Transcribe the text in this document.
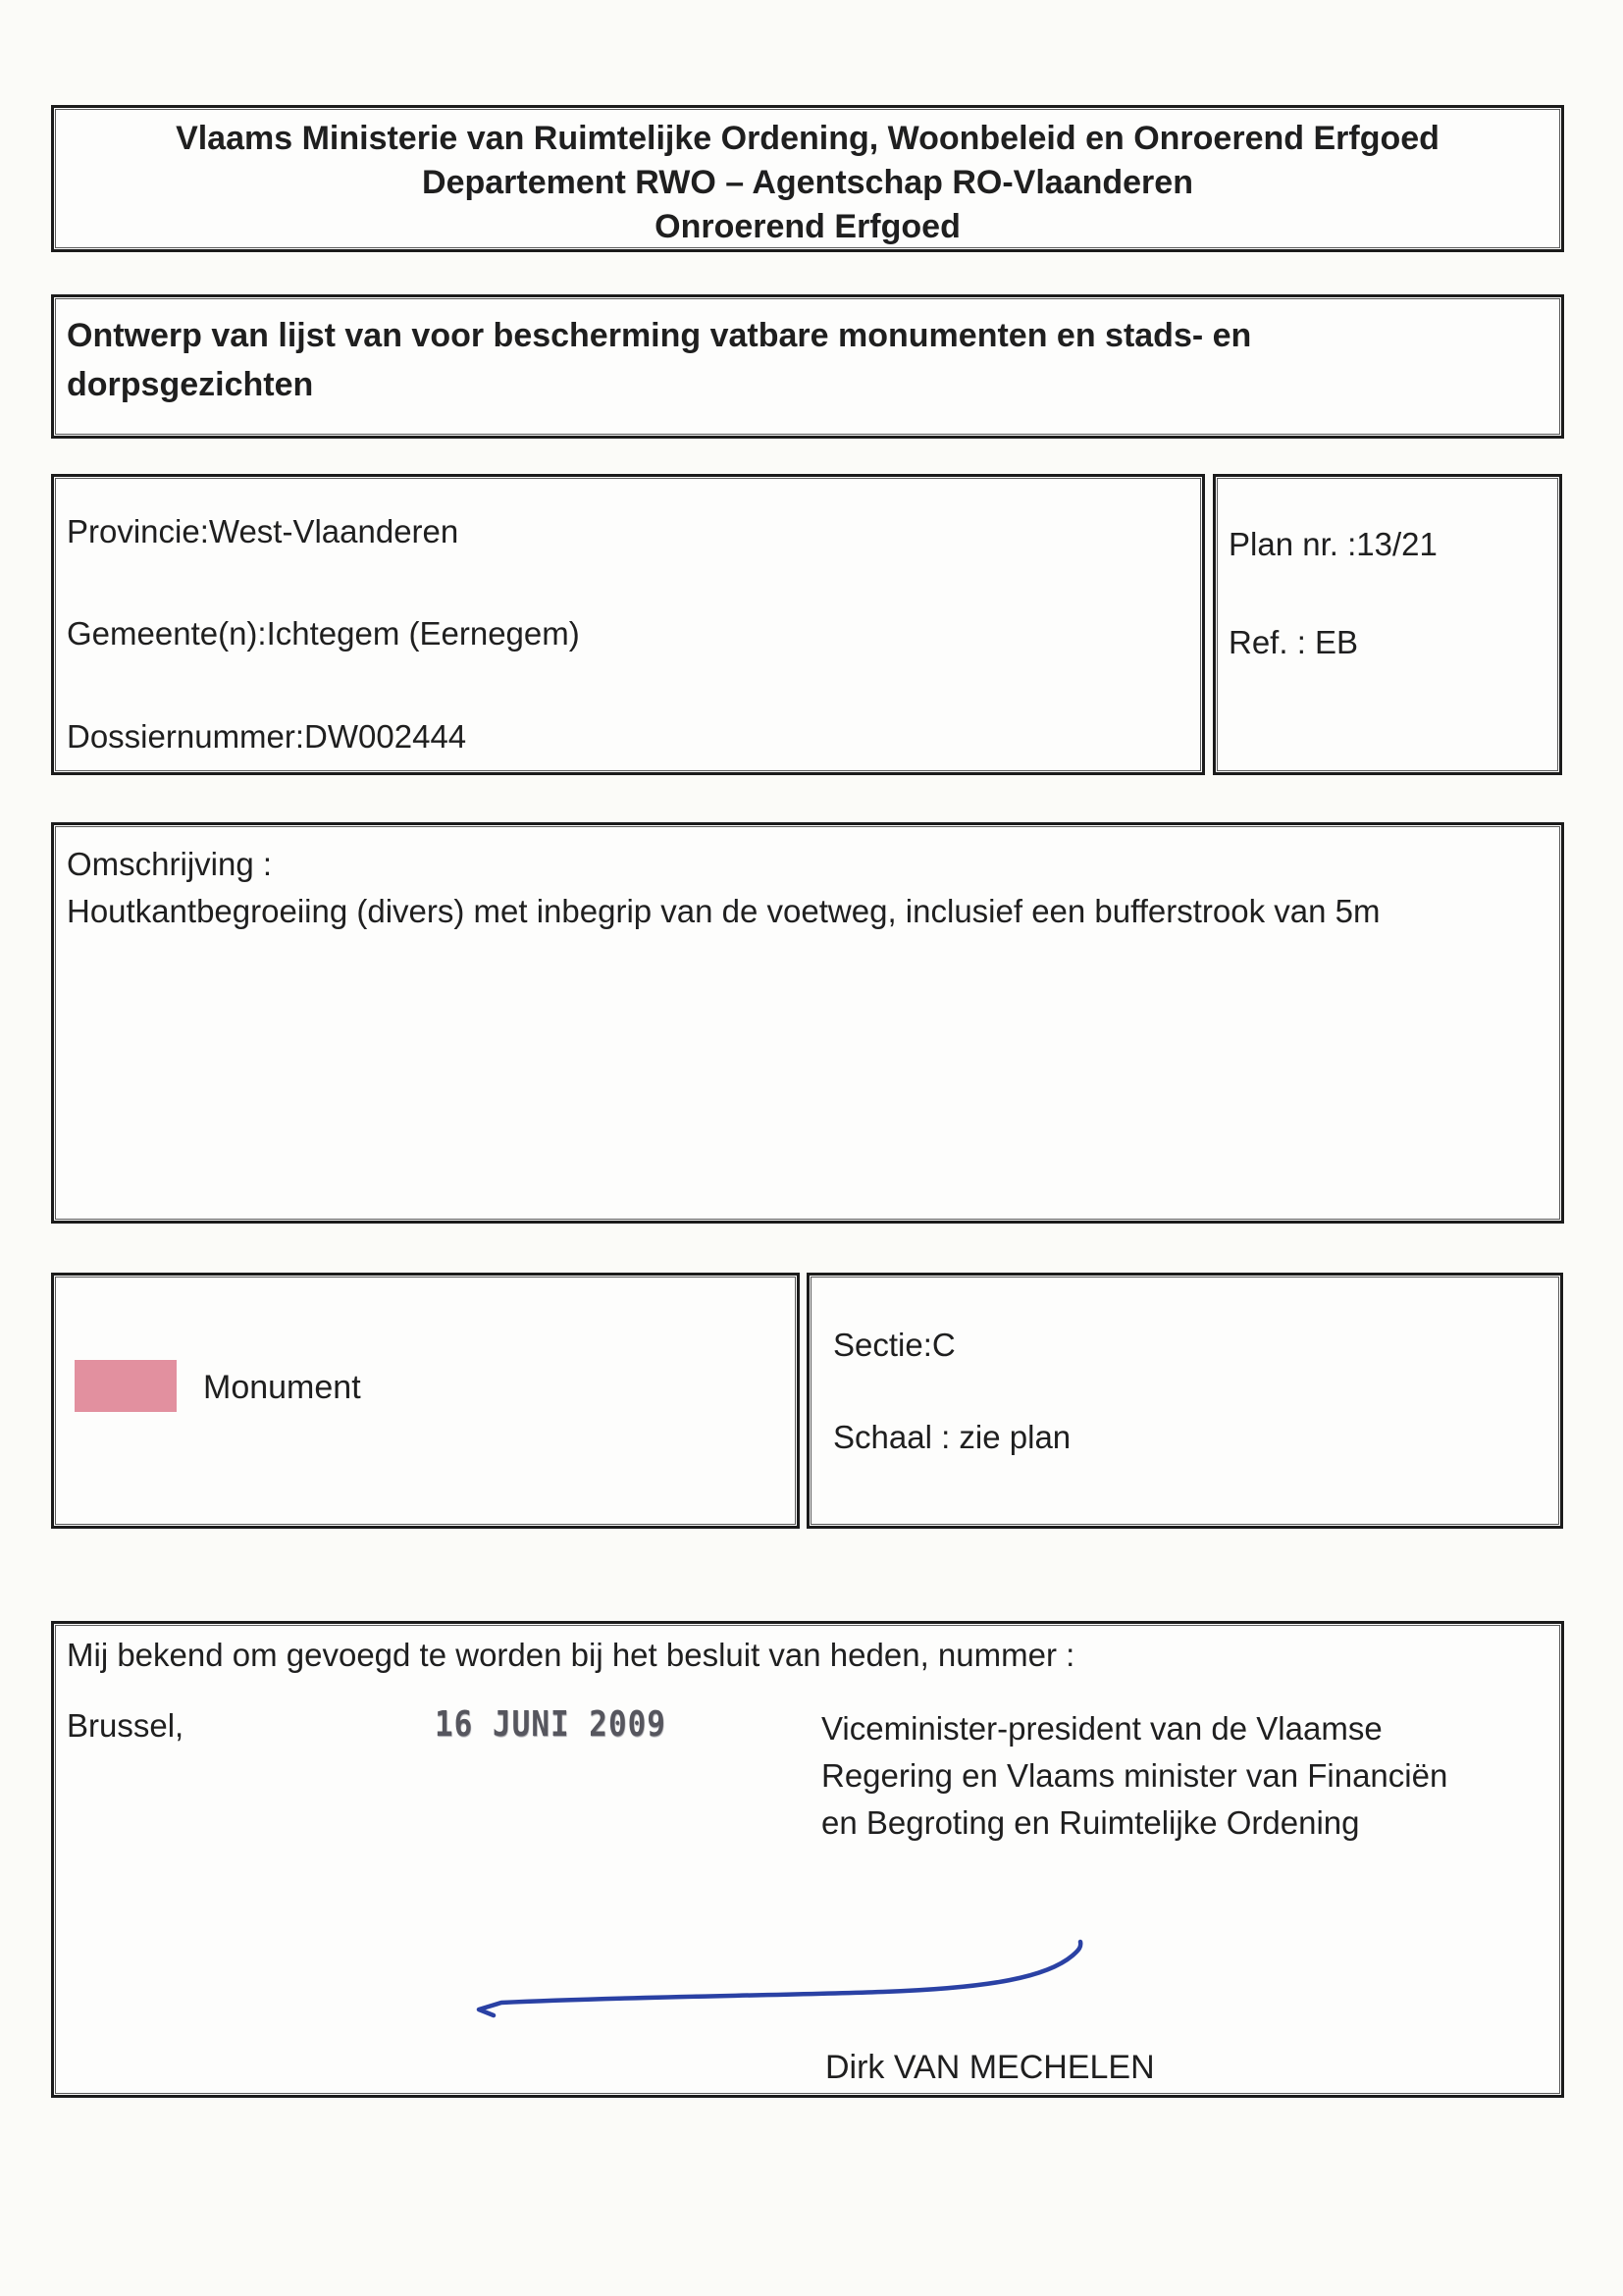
Vlaams Ministerie van Ruimtelijke Ordening, Woonbeleid en Onroerend Erfgoed
Departement RWO – Agentschap RO-Vlaanderen
Onroerend Erfgoed
Ontwerp van lijst van voor bescherming vatbare monumenten en stads- en dorpsgezichten
Provincie:West-Vlaanderen
Gemeente(n):Ichtegem (Eernegem)
Dossiernummer:DW002444
Plan nr. :13/21
Ref. : EB
Omschrijving :
Houtkantbegroeiing (divers) met inbegrip van de voetweg, inclusief een bufferstrook van 5m
Monument
Sectie:C
Schaal : zie plan
Mij bekend om gevoegd te worden bij het besluit van heden, nummer :
Brussel,	16 JUNI 2009	Viceminister-president van de Vlaamse Regering en Vlaams minister van Financiën en Begroting en Ruimtelijke Ordening
Dirk VAN MECHELEN
